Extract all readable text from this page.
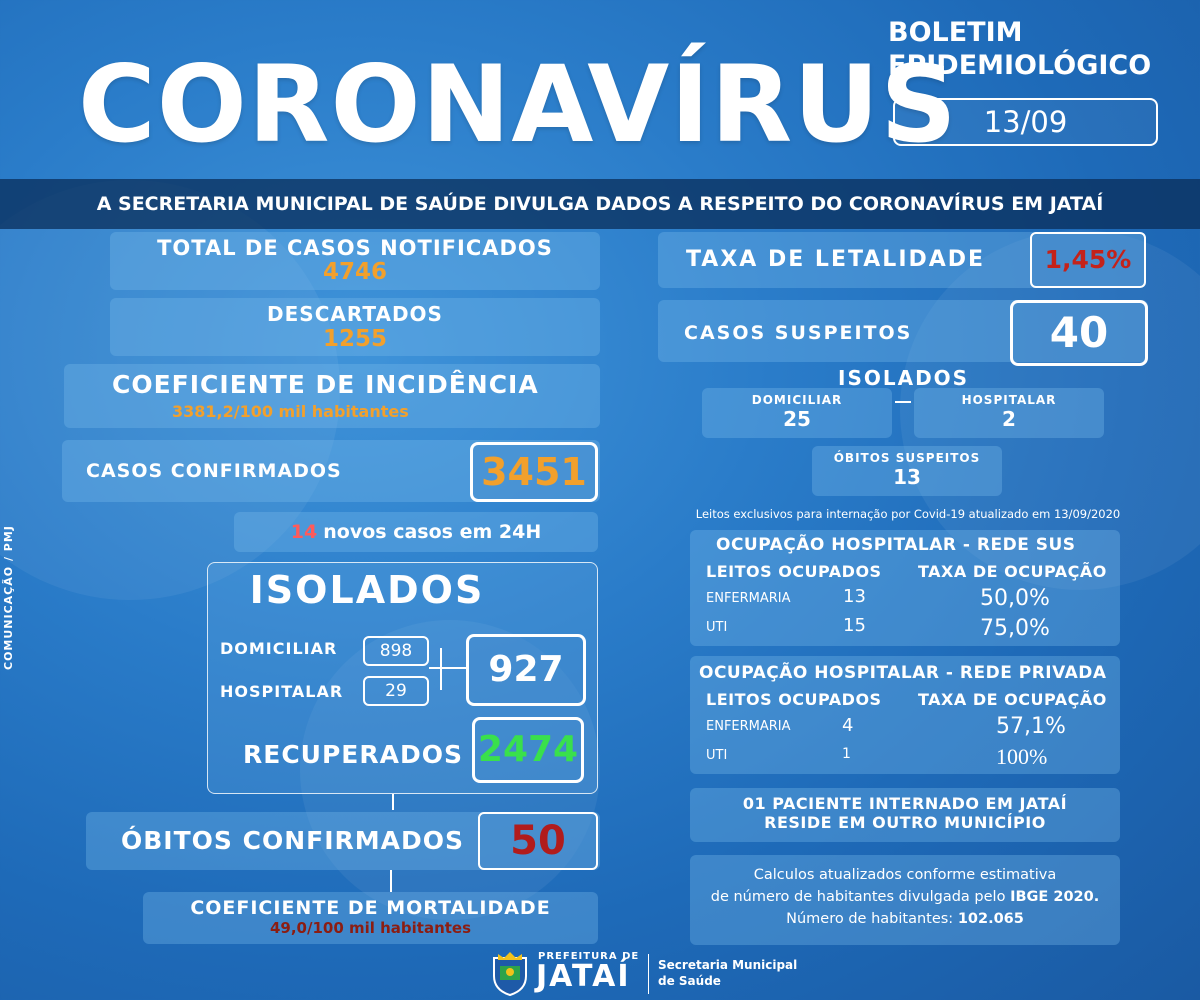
CORONAVÍRUS
BOLETIM
EPIDEMIOLÓGICO
13/09
A SECRETARIA MUNICIPAL DE SAÚDE DIVULGA DADOS A RESPEITO DO CORONAVÍRUS EM JATAÍ
TOTAL DE CASOS NOTIFICADOS
4746
DESCARTADOS
1255
COEFICIENTE DE INCIDÊNCIA
3381,2/100 mil habitantes
CASOS CONFIRMADOS	3451
14 novos casos em 24H
ISOLADOS
DOMICILIAR	898
HOSPITALAR	29
927
RECUPERADOS 2474
ÓBITOS CONFIRMADOS	50
COEFICIENTE DE MORTALIDADE
49,0/100 mil habitantes
COMUNICAÇÃO / PMJ
TAXA DE LETALIDADE	1,45%
CASOS SUSPEITOS	40
ISOLADOS
DOMICILIAR
25
HOSPITALAR
2
ÓBITOS SUSPEITOS
13
Leitos exclusivos para internação por Covid-19 atualizado em 13/09/2020
OCUPAÇÃO HOSPITALAR - REDE SUS
LEITOS OCUPADOS TAXA DE OCUPAÇÃO
ENFERMARIA	13	50,0%
UTI	15	75,0%
OCUPAÇÃO HOSPITALAR - REDE PRIVADA
LEITOS OCUPADOS TAXA DE OCUPAÇÃO
ENFERMARIA	4	57,1%
UTI	1	100%
01 PACIENTE INTERNADO EM JATAÍ
RESIDE EM OUTRO MUNICÍPIO
Calculos atualizados conforme estimativa
de número de habitantes divulgada pelo IBGE 2020.
Número de habitantes: 102.065
PREFEITURA DE
JATAÍ Secretaria Municipal
de Saúde
